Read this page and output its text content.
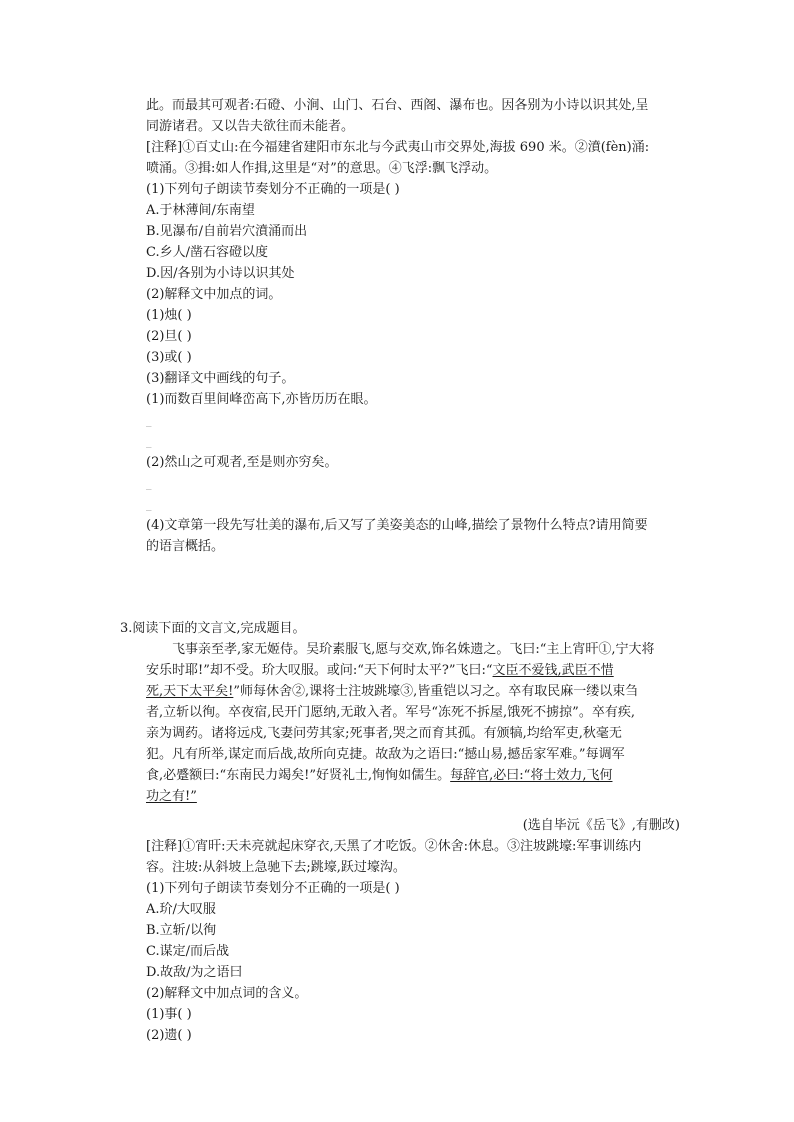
此。而最其可观者:石磴、小涧、山门、石台、西阁、瀑布也。因各别为小诗以识其处,呈
同游诸君。又以告夫欲往而未能者。
[注释]①百丈山:在今福建省建阳市东北与今武夷山市交界处,海拔 690 米。②濆(fèn)涌:
喷涌。③揖:如人作揖,这里是“对”的意思。④飞浮:飘飞浮动。
(1)下列句子朗读节奏划分不正确的一项是( )
A.于林薄间/东南望
B.见瀑布/自前岩穴濆涌而出
C.乡人/凿石容磴以度
D.因/各别为小诗以识其处
(2)解释文中加点的词。
(1)烛( )
(2)旦( )
(3)或( )
(3)翻译文中画线的句子。
(1)而数百里间峰峦高下,亦皆历历在眼。
_
_
(2)然山之可观者,至是则亦穷矣。
_
_
(4)文章第一段先写壮美的瀑布,后又写了美姿美态的山峰,描绘了景物什么特点?请用简要
的语言概括。
3.阅读下面的文言文,完成题目。
飞事亲至孝,家无姬侍。吴玠素服飞,愿与交欢,饰名姝遗之。飞曰:“主上宵旰①,宁大将
安乐时耶!”却不受。玠大叹服。或问:“天下何时太平?”飞曰:“文臣不爱钱,武臣不惜
死,天下太平矣!”师每休舍②,课将士注坡跳壕③,皆重铠以习之。卒有取民麻一缕以束刍
者,立斩以徇。卒夜宿,民开门愿纳,无敢入者。军号“冻死不拆屋,饿死不掳掠”。卒有疾,
亲为调药。诸将远戍,飞妻问劳其家;死事者,哭之而育其孤。有颁犒,均给军吏,秋毫无
犯。凡有所举,谋定而后战,故所向克捷。故敌为之语曰:“撼山易,撼岳家军难。”每调军
食,必蹙额曰:“东南民力竭矣!”好贤礼士,恂恂如儒生。每辞官,必曰:“将士效力,飞何
功之有!”
(选自毕沅《岳飞》,有删改)
[注释]①宵旰:天未亮就起床穿衣,天黑了才吃饭。②休舍:休息。③注坡跳壕:军事训练内
容。注坡:从斜坡上急驰下去;跳壕,跃过壕沟。
(1)下列句子朗读节奏划分不正确的一项是( )
A.玠/大叹服
B.立斩/以徇
C.谋定/而后战
D.故敌/为之语曰
(2)解释文中加点词的含义。
(1)事( )
(2)遗( )
